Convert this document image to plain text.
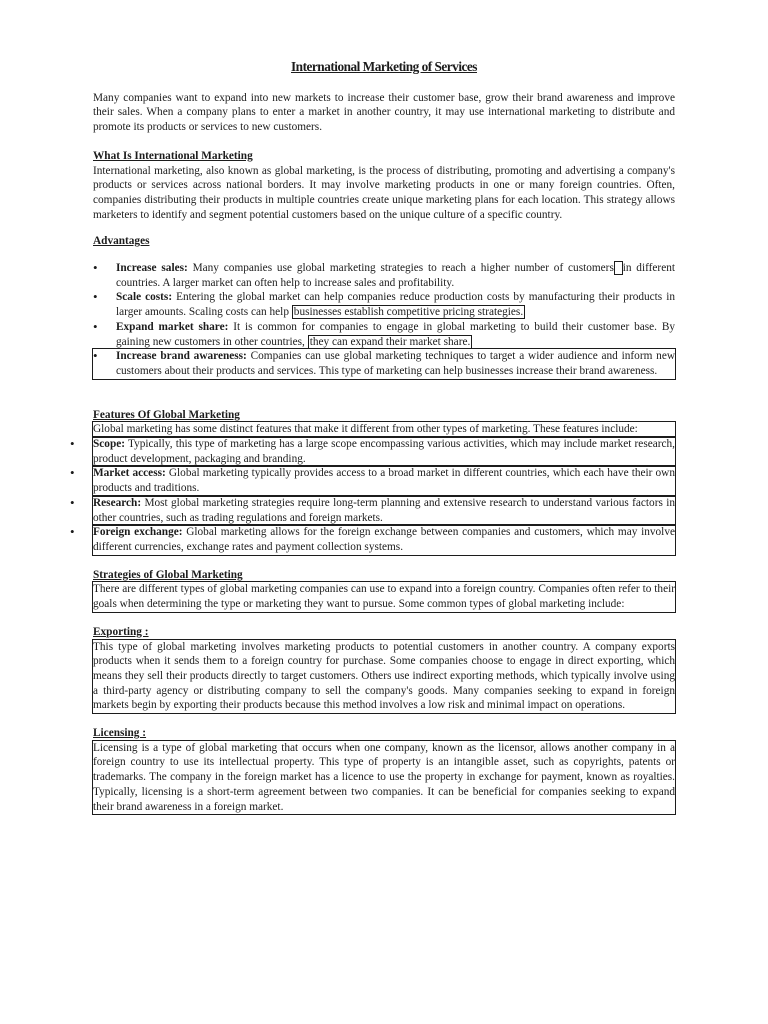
International Marketing of Services

Many companies want to expand into new markets to increase their customer base, grow their brand awareness and improve their sales. When a company plans to enter a market in another country, it may use international marketing to distribute and promote its products or services to new customers.

What Is International Marketing

International marketing, also known as global marketing, is the process of distributing, promoting and advertising a company's products or services across national borders. It may involve marketing products in one or many foreign countries. Often, companies distributing their products in multiple countries create unique marketing plans for each location. This strategy allows marketers to identify and segment potential customers based on the unique culture of a specific country.

Advantages
• Increase sales: Many companies use global marketing strategies to reach a higher number of customers in different countries. A larger market can often help to increase sales and profitability.
• Scale costs: Entering the global market can help companies reduce production costs by manufacturing their products in larger amounts. Scaling costs can help businesses establish competitive pricing strategies.
• Expand market share: It is common for companies to engage in global marketing to build their customer base. By gaining new customers in other countries, they can expand their market share.
• Increase brand awareness: Companies can use global marketing techniques to target a wider audience and inform new customers about their products and services. This type of marketing can help businesses increase their brand awareness.
Features Of Global Marketing

Global marketing has some distinct features that make it different from other types of marketing. These features include:

• Scope: Typically, this type of marketing has a large scope encompassing various activities, which may include market research, product development, packaging and branding.
• Market access: Global marketing typically provides access to a broad market in different countries, which each have their own products and traditions.
• Research: Most global marketing strategies require long-term planning and extensive research to understand various factors in other countries, such as trading regulations and foreign markets.
• Foreign exchange: Global marketing allows for the foreign exchange between companies and customers, which may involve different currencies, exchange rates and payment collection systems.
Strategies of Global Marketing

There are different types of global marketing companies can use to expand into a foreign country. Companies often refer to their goals when determining the type or marketing they want to pursue. Some common types of global marketing include:

Exporting :

This type of global marketing involves marketing products to potential customers in another country. A company exports products when it sends them to a foreign country for purchase. Some companies choose to engage in direct exporting, which means they sell their products directly to target customers. Others use indirect exporting methods, which typically involve using a third-party agency or distributing company to sell the company's goods. Many companies seeking to expand in foreign markets begin by exporting their products because this method involves a low risk and minimal impact on operations.

Licensing :

Licensing is a type of global marketing that occurs when one company, known as the licensor, allows another company in a foreign country to use its intellectual property. This type of property is an intangible asset, such as copyrights, patents or trademarks. The company in the foreign market has a licence to use the property in exchange for payment, known as royalties. Typically, licensing is a short-term agreement between two companies. It can be beneficial for companies seeking to expand their brand awareness in a foreign market.
